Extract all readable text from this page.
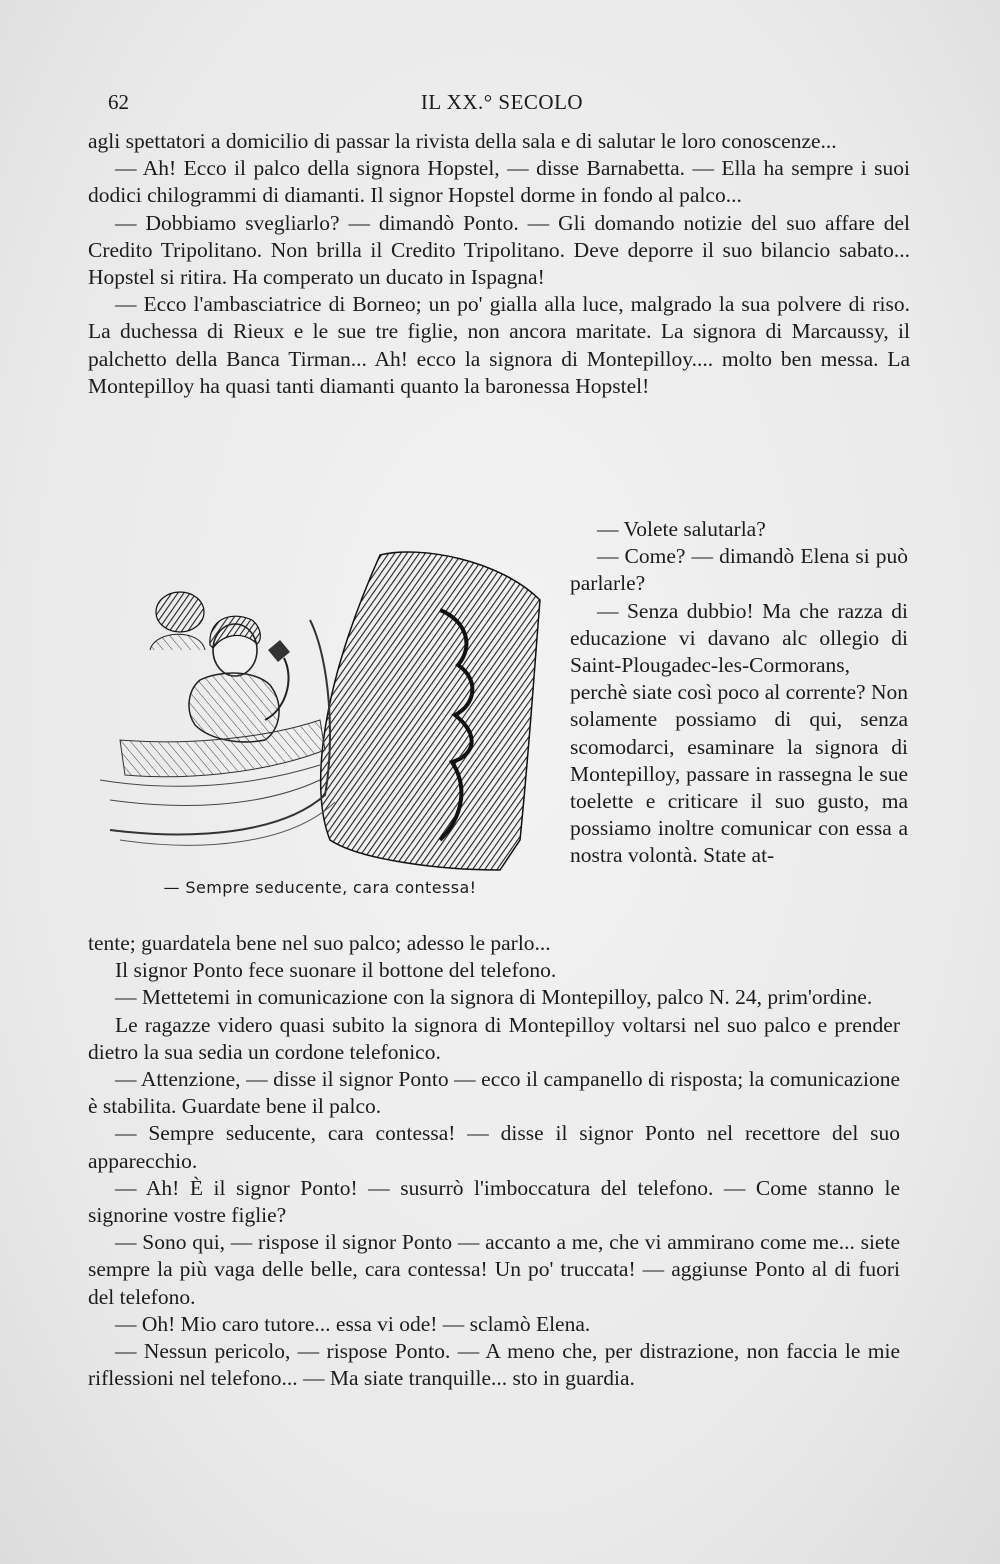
62	IL XX.° SECOLO

agli spettatori a domicilio di passar la rivista della sala e di salutar le loro conoscenze...

— Ah! Ecco il palco della signora Hopstel, — disse Barnabetta. — Ella ha sempre i suoi dodici chilogrammi di diamanti. Il signor Hopstel dorme in fondo al palco...

— Dobbiamo svegliarlo? — dimandò Ponto. — Gli domando notizie del suo affare del Credito Tripolitano. Non brilla il Credito Tripolitano. Deve deporre il suo bilancio sabato... Hopstel si ritira. Ha comperato un ducato in Ispagna!

— Ecco l'ambasciatrice di Borneo; un po' gialla alla luce, malgrado la sua polvere di riso. La duchessa di Rieux e le sue tre figlie, non ancora maritate. La signora di Marcaussy, il palchetto della Banca Tirman... Ah! ecco la signora di Montepilloy.... molto ben messa. La Montepilloy ha quasi tanti diamanti quanto la baronessa Hopstel!

— Sempre seducente, cara contessa!

— Volete salutarla?

— Come? — dimandò Elena si può parlarle?

— Senza dubbio! Ma che razza di educazione vi davano alc ollegio di Saint-Plougadec-les-Cormorans, perchè siate così poco al corrente? Non solamente possiamo di qui, senza scomodarci, esaminare la signora di Montepilloy, passare in rassegna le sue toelette e criticare il suo gusto, ma possiamo inoltre comunicar con essa a nostra volontà. State at-

tente; guardatela bene nel suo palco; adesso le parlo...

Il signor Ponto fece suonare il bottone del telefono.

— Mettetemi in comunicazione con la signora di Montepilloy, palco N. 24, prim'ordine.

Le ragazze videro quasi subito la signora di Montepilloy voltarsi nel suo palco e prender dietro la sua sedia un cordone telefonico.

— Attenzione, — disse il signor Ponto — ecco il campanello di risposta; la comunicazione è stabilita. Guardate bene il palco.

— Sempre seducente, cara contessa! — disse il signor Ponto nel recettore del suo apparecchio.

— Ah! È il signor Ponto! — susurrò l'imboccatura del telefono. — Come stanno le signorine vostre figlie?

— Sono qui, — rispose il signor Ponto — accanto a me, che vi ammirano come me... siete sempre la più vaga delle belle, cara contessa! Un po' truccata! — aggiunse Ponto al di fuori del telefono.

— Oh! Mio caro tutore... essa vi ode! — sclamò Elena.

— Nessun pericolo, — rispose Ponto. — A meno che, per distrazione, non faccia le mie riflessioni nel telefono... — Ma siate tranquille... sto in guardia.
